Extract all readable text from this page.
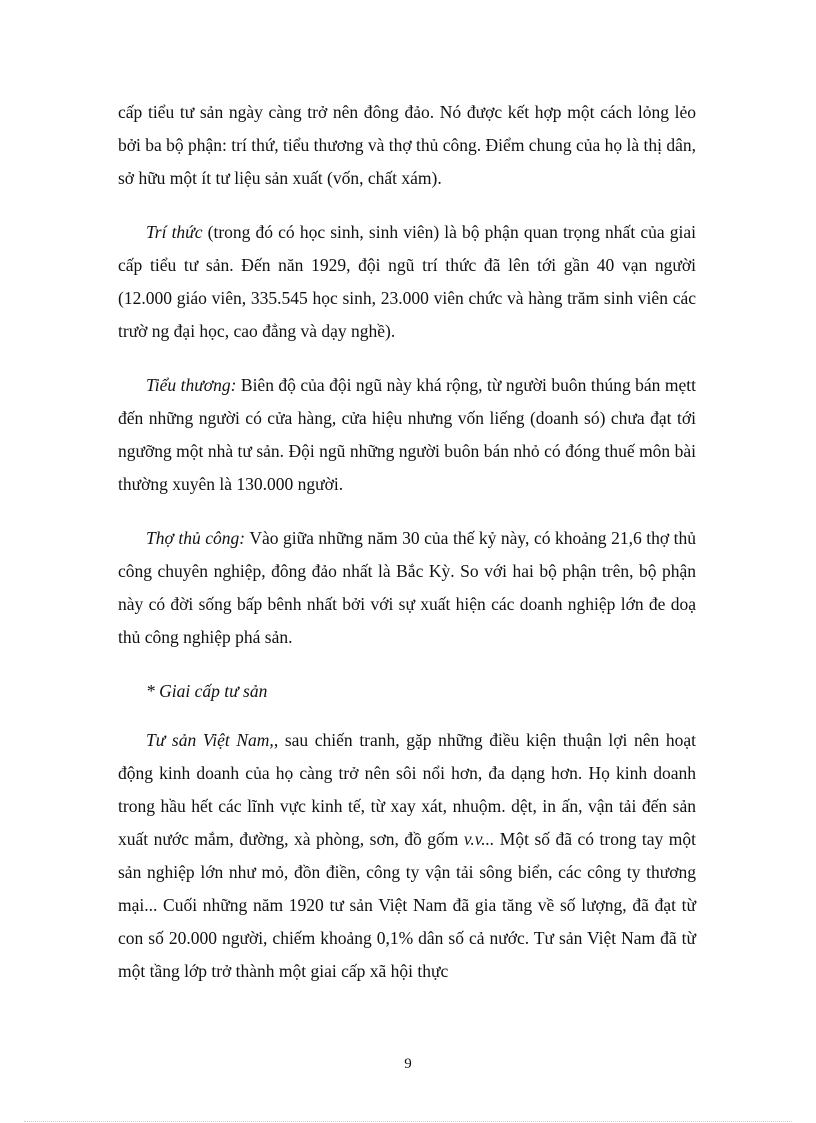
cấp tiểu tư sản ngày càng trở nên đông đảo. Nó được kết hợp một cách lỏng lẻo bởi ba bộ phận: trí thứ, tiểu thương và thợ thủ công. Điểm chung của họ là thị dân, sở hữu một ít tư liệu sản xuất (vốn, chất xám).

Trí thức (trong đó có học sinh, sinh viên) là bộ phận quan trọng nhất của giai cấp tiểu tư sản. Đến năn 1929, đội ngũ trí thức đã lên tới gần 40 vạn người (12.000 giáo viên, 335.545 học sinh, 23.000 viên chức và hàng trăm sinh viên các trườ ng đại học, cao đẳng và dạy nghề).

Tiểu thương: Biên độ của đội ngũ này khá rộng, từ người buôn thúng bán mẹtt đến những người có cửa hàng, cửa hiệu nhưng vốn liếng (doanh só) chưa đạt tới ngưỡng một nhà tư sản. Đội ngũ những người buôn bán nhỏ có đóng thuế môn bài thường xuyên là 130.000 người.

Thợ thủ công: Vào giữa những năm 30 của thế kỷ này, có khoảng 21,6 thợ thủ công chuyên nghiệp, đông đảo nhất là Bắc Kỳ. So với hai bộ phận trên, bộ phận này có đời sống bấp bênh nhất bởi với sự xuất hiện các doanh nghiệp lớn đe doạ thủ công nghiệp phá sản.

* Giai cấp tư sản

Tư sản Việt Nam,, sau chiến tranh, gặp những điều kiện thuận lợi nên hoạt động kinh doanh của họ càng trở nên sôi nổi hơn, đa dạng hơn. Họ kinh doanh trong hầu hết các lĩnh vực kinh tế, từ xay xát, nhuộm. dệt, in ấn, vận tải đến sản xuất nước mắm, đường, xà phòng, sơn, đồ gốm v.v... Một số đã có trong tay một sản nghiệp lớn như mỏ, đồn điền, công ty vận tải sông biển, các công ty thương mại... Cuối những năm 1920 tư sản Việt Nam đã gia tăng về số lượng, đã đạt từ con số 20.000 người, chiếm khoảng 0,1% dân số cả nước. Tư sản Việt Nam đã từ một tầng lớp trở thành một giai cấp xã hội thực

9
